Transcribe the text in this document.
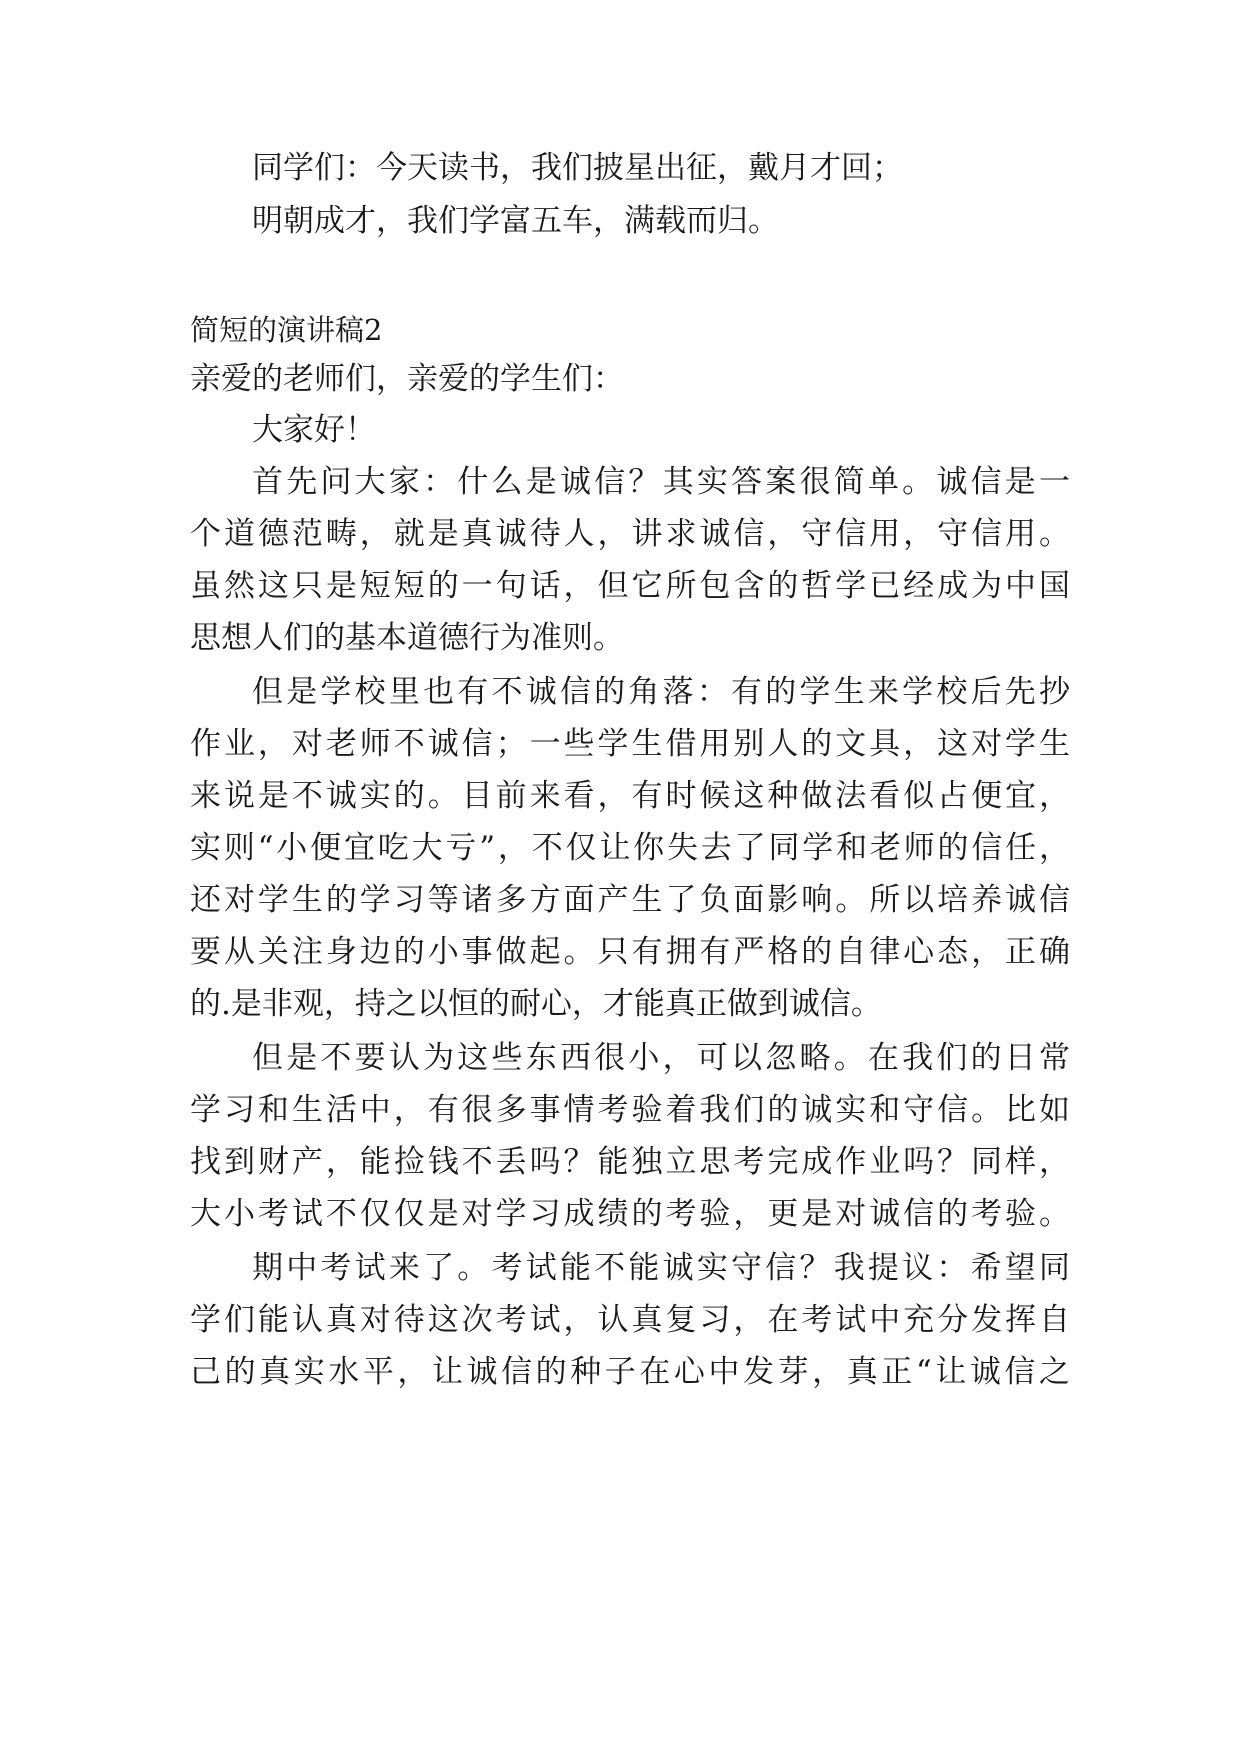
同学们：今天读书，我们披星出征，戴月才回；
明朝成才，我们学富五车，满载而归。
简短的演讲稿2
亲爱的老师们，亲爱的学生们：
大家好！
首先问大家：什么是诚信？其实答案很简单。诚信是一
个道德范畴，就是真诚待人，讲求诚信，守信用，守信用。
虽然这只是短短的一句话，但它所包含的哲学已经成为中国
思想人们的基本道德行为准则。
但是学校里也有不诚信的角落：有的学生来学校后先抄
作业，对老师不诚信；一些学生借用别人的文具，这对学生
来说是不诚实的。目前来看，有时候这种做法看似占便宜，
实则“小便宜吃大亏”，不仅让你失去了同学和老师的信任，
还对学生的学习等诸多方面产生了负面影响。所以培养诚信
要从关注身边的小事做起。只有拥有严格的自律心态，正确
的.是非观，持之以恒的耐心，才能真正做到诚信。
但是不要认为这些东西很小，可以忽略。在我们的日常
学习和生活中，有很多事情考验着我们的诚实和守信。比如
找到财产，能捡钱不丢吗？能独立思考完成作业吗？同样，
大小考试不仅仅是对学习成绩的考验，更是对诚信的考验。
期中考试来了。考试能不能诚实守信？我提议：希望同
学们能认真对待这次考试，认真复习，在考试中充分发挥自
己的真实水平，让诚信的种子在心中发芽，真正“让诚信之
